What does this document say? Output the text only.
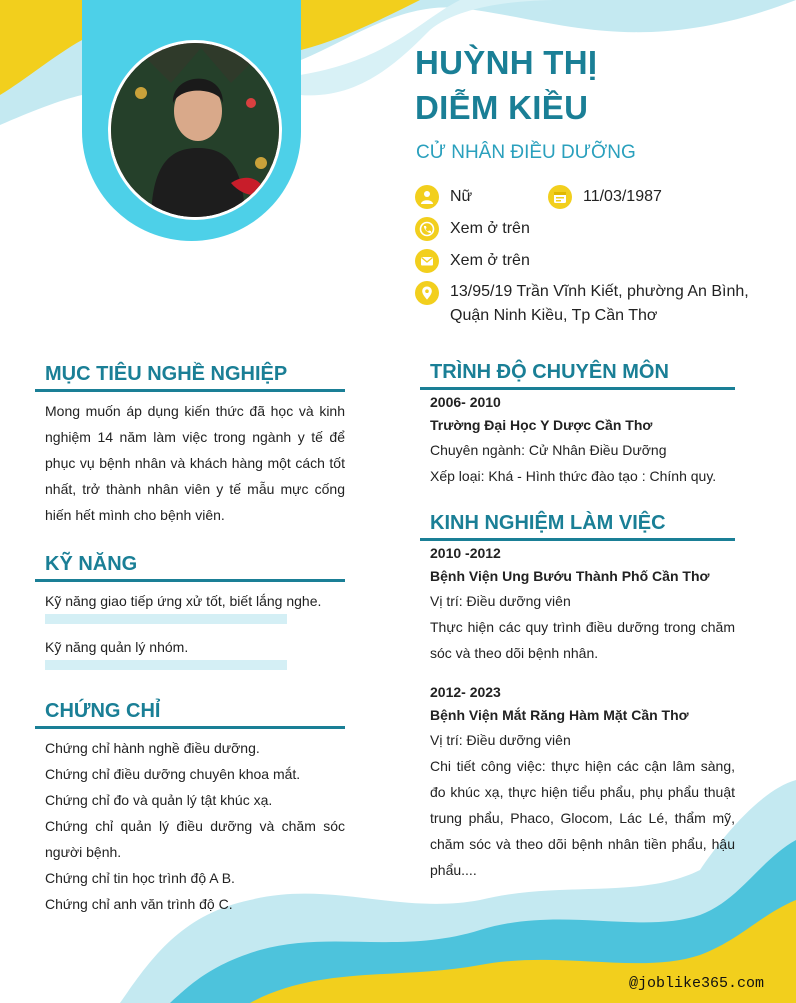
HUỲNH THỊ
DIỄM KIỀU
CỬ NHÂN ĐIỀU DƯỠNG
Nữ	11/03/1987
Xem ở trên
Xem ở trên
13/95/19 Trần Vĩnh Kiết, phường An Bình,
Quận Ninh Kiều, Tp Cần Thơ
MỤC TIÊU NGHỀ NGHIỆP
Mong muốn áp dụng kiến thức đã học và kinh nghiệm 14 năm làm việc trong ngành y tế để phục vụ bệnh nhân và khách hàng một cách tốt nhất, trở thành nhân viên y tế mẫu mực cống hiến hết mình cho bệnh viên.
KỸ NĂNG
Kỹ năng giao tiếp ứng xử tốt, biết lắng nghe.
Kỹ năng quản lý nhóm.
CHỨNG CHỈ
Chứng chỉ hành nghề điều dưỡng.
Chứng chỉ điều dưỡng chuyên khoa mắt.
Chứng chỉ đo và quản lý tật khúc xạ.
Chứng chỉ quản lý điều dưỡng và chăm sóc người bệnh.
Chứng chỉ tin học trình độ A B.
Chứng chỉ anh văn trình độ C.
TRÌNH ĐỘ CHUYÊN MÔN
2006- 2010
Trường Đại Học Y Dược Cần Thơ
Chuyên ngành: Cử Nhân Điều Dưỡng
Xếp loại: Khá - Hình thức đào tạo : Chính quy.
KINH NGHIỆM LÀM VIỆC
2010 -2012
Bệnh Viện Ung Bướu Thành Phố Cần Thơ
Vị trí: Điều dưỡng viên
Thực hiện các quy trình điều dưỡng trong chăm sóc và theo dõi bệnh nhân.
2012- 2023
Bệnh Viện Mắt Răng Hàm Mặt Cần Thơ
Vị trí: Điều dưỡng viên
Chi tiết công việc: thực hiện các cận lâm sàng, đo khúc xạ, thực hiện tiểu phẩu, phụ phẩu thuật trung phẩu, Phaco, Glocom, Lác Lé, thẩm mỹ, chăm sóc và theo dõi bệnh nhân tiền phẩu, hậu phẩu....
@joblike365.com
